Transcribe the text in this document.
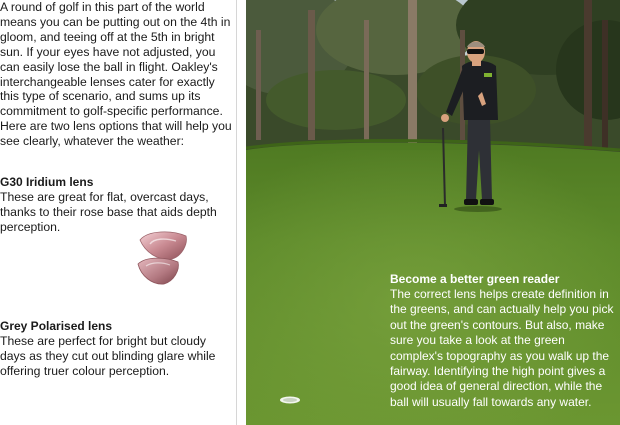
A round of golf in this part of the world means you can be putting out on the 4th in gloom, and teeing off at the 5th in bright sun. If your eyes have not adjusted, you can easily lose the ball in flight. Oakley's interchangeable lenses cater for exactly this type of scenario, and sums up its commitment to golf-specific performance. Here are two lens options that will help you see clearly, whatever the weather:

G30 Iridium lens

These are great for flat, overcast days, thanks to their rose base that aids depth perception.

Grey Polarised lens

These are perfect for bright but cloudy days as they cut out blinding glare while offering truer colour perception.

Become a better green reader

The correct lens helps create definition in the greens, and can actually help you pick out the green's contours. But also, make sure you take a look at the green complex's topography as you walk up the fairway. Identifying the high point gives a good idea of general direction, while the ball will usually fall towards any water.
